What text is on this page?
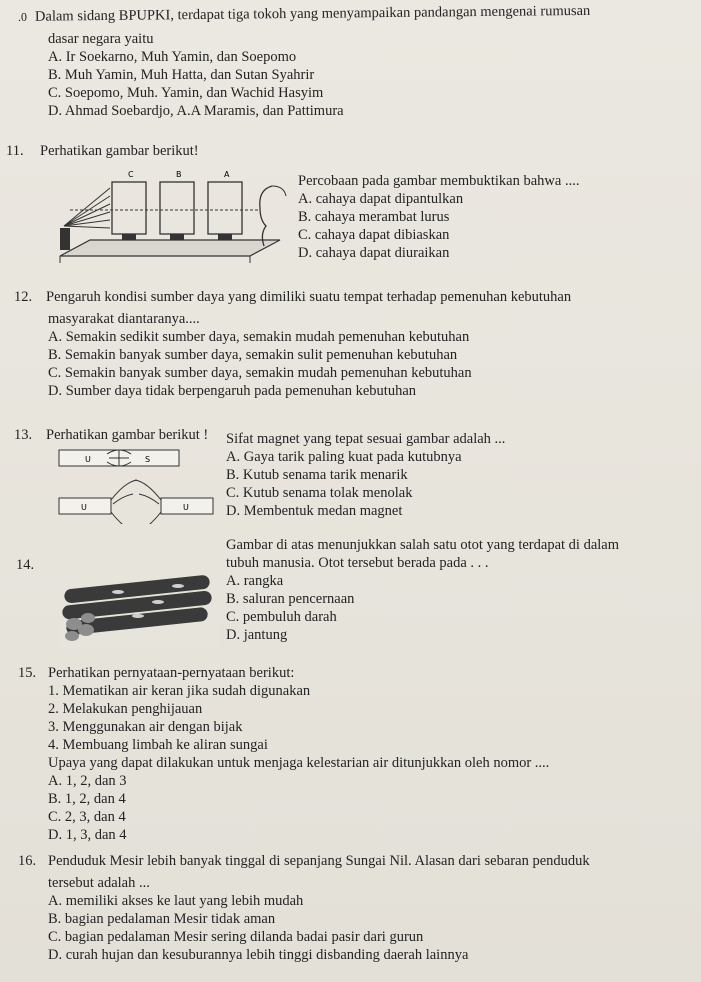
.0 Dalam sidang BPUPKI, terdapat tiga tokoh yang menyampaikan pandangan mengenai rumusan
dasar negara yaitu
A. Ir Soekarno, Muh Yamin, dan Soepomo
B. Muh Yamin, Muh Hatta, dan Sutan Syahrir
C. Soepomo, Muh. Yamin, dan Wachid Hasyim
D. Ahmad Soebardjo, A.A Maramis, dan Pattimura
11. Perhatikan gambar berikut!
C	B	A	Percobaan pada gambar membuktikan bahwa ....
A. cahaya dapat dipantulkan
B. cahaya merambat lurus
C. cahaya dapat dibiaskan
D. cahaya dapat diuraikan
12. Pengaruh kondisi sumber daya yang dimiliki suatu tempat terhadap pemenuhan kebutuhan
masyarakat diantaranya....
A. Semakin sedikit sumber daya, semakin mudah pemenuhan kebutuhan
B. Semakin banyak sumber daya, semakin sulit pemenuhan kebutuhan
C. Semakin banyak sumber daya, semakin mudah pemenuhan kebutuhan
D. Sumber daya tidak berpengaruh pada pemenuhan kebutuhan
13. Perhatikan gambar berikut !
U	S
U	U
Sifat magnet yang tepat sesuai gambar adalah ...
A. Gaya tarik paling kuat pada kutubnya
B. Kutub senama tarik menarik
C. Kutub senama tolak menolak
D. Membentuk medan magnet
14.
Gambar di atas menunjukkan salah satu otot yang terdapat di dalam
tubuh manusia. Otot tersebut berada pada . . .
A. rangka
B. saluran pencernaan
C. pembuluh darah
D. jantung
15. Perhatikan pernyataan-pernyataan berikut:
1. Mematikan air keran jika sudah digunakan
2. Melakukan penghijauan
3. Menggunakan air dengan bijak
4. Membuang limbah ke aliran sungai
Upaya yang dapat dilakukan untuk menjaga kelestarian air ditunjukkan oleh nomor ....
A. 1, 2, dan 3
B. 1, 2, dan 4
C. 2, 3, dan 4
D. 1, 3, dan 4
16. Penduduk Mesir lebih banyak tinggal di sepanjang Sungai Nil. Alasan dari sebaran penduduk
tersebut adalah ...
A. memiliki akses ke laut yang lebih mudah
B. bagian pedalaman Mesir tidak aman
C. bagian pedalaman Mesir sering dilanda badai pasir dari gurun
D. curah hujan dan kesuburannya lebih tinggi disbanding daerah lainnya
